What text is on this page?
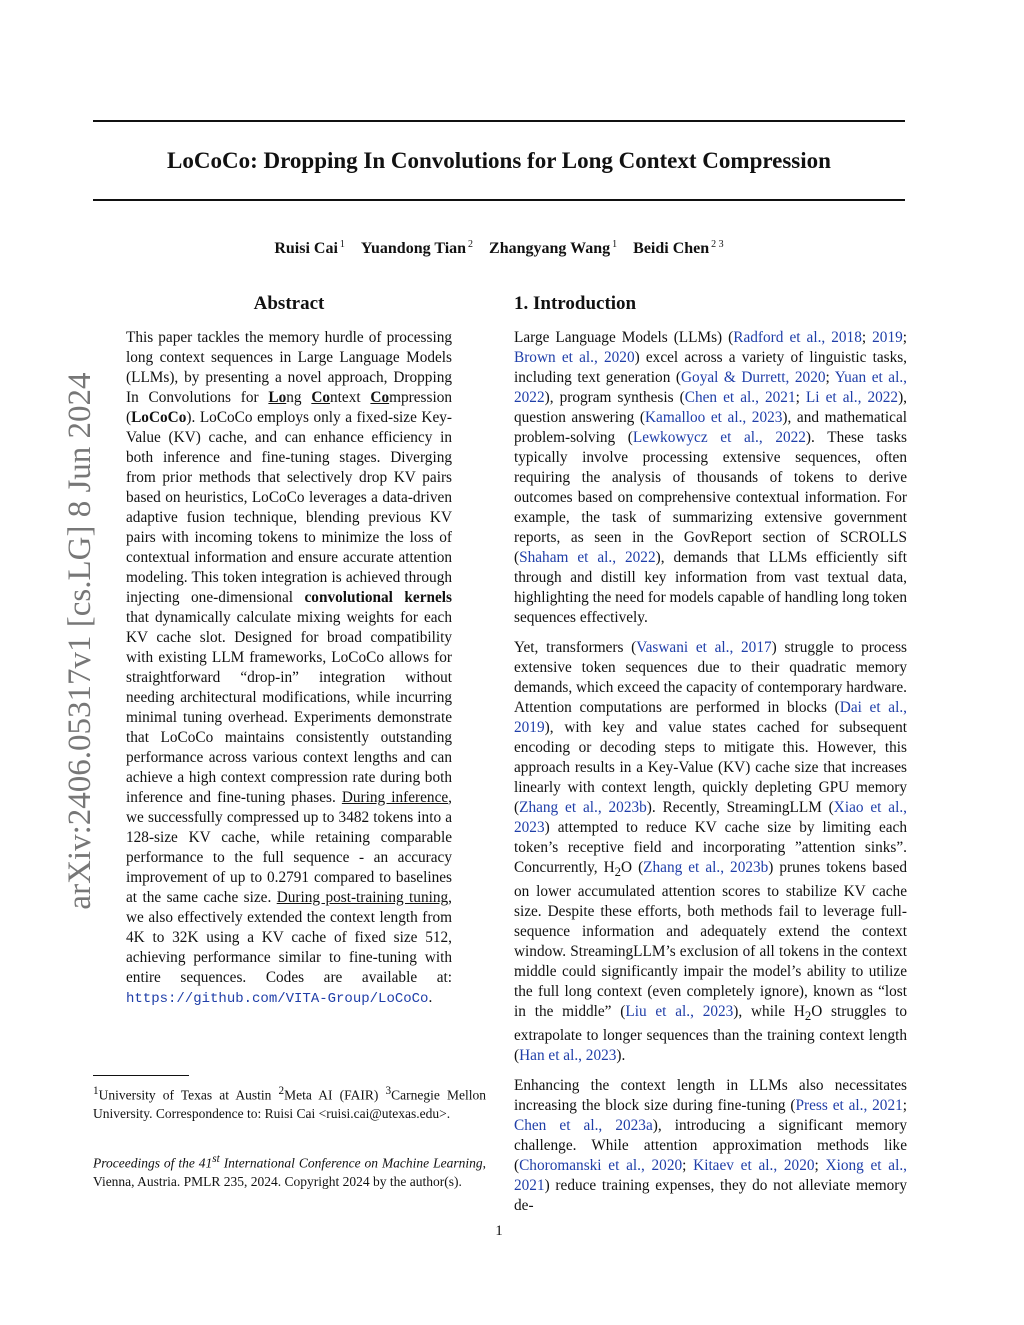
LoCoCo: Dropping In Convolutions for Long Context Compression
Ruisi Cai $^1$ Yuandong Tian $^2$ Zhangyang Wang $^1$ Beidi Chen $^{2 3}$
arXiv:2406.05317v1 [cs.LG] 8 Jun 2024
Abstract

This paper tackles the memory hurdle of processing long context sequences in Large Language Models (LLMs), by presenting a novel approach, Dropping In Convolutions for Long Context Compression (LoCoCo). LoCoCo employs only a fixed-size Key-Value (KV) cache, and can enhance efficiency in both inference and fine-tuning stages. Diverging from prior methods that selectively drop KV pairs based on heuristics, LoCoCo leverages a data-driven adaptive fusion technique, blending previous KV pairs with incoming tokens to minimize the loss of contextual information and ensure accurate attention modeling. This token integration is achieved through injecting one-dimensional convolutional kernels that dynamically calculate mixing weights for each KV cache slot. Designed for broad compatibility with existing LLM frameworks, LoCoCo allows for straightforward “drop-in” integration without needing architectural modifications, while incurring minimal tuning overhead. Experiments demonstrate that LoCoCo maintains consistently outstanding performance across various context lengths and can achieve a high context compression rate during both inference and fine-tuning phases. During inference, we successfully compressed up to 3482 tokens into a 128-size KV cache, while retaining comparable performance to the full sequence - an accuracy improvement of up to 0.2791 compared to baselines at the same cache size. During post-training tuning, we also effectively extended the context length from 4K to 32K using a KV cache of fixed size 512, achieving performance similar to fine-tuning with entire sequences. Codes are available at: https://github.com/VITA-Group/LoCoCo.

$^1$University of Texas at Austin $^2$Meta AI (FAIR) $^3$Carnegie Mellon University. Correspondence to: Ruisi Cai <ruisi.cai@utexas.edu>.
Proceedings of the 41st International Conference on Machine Learning, Vienna, Austria. PMLR 235, 2024. Copyright 2024 by the author(s).
1. Introduction

Large Language Models (LLMs) (Radford et al., 2018; 2019; Brown et al., 2020) excel across a variety of linguistic tasks, including text generation (Goyal & Durrett, 2020; Yuan et al., 2022), program synthesis (Chen et al., 2021; Li et al., 2022), question answering (Kamalloo et al., 2023), and mathematical problem-solving (Lewkowycz et al., 2022). These tasks typically involve processing extensive sequences, often requiring the analysis of thousands of tokens to derive outcomes based on comprehensive contextual information. For example, the task of summarizing extensive government reports, as seen in the GovReport section of SCROLLS (Shaham et al., 2022), demands that LLMs efficiently sift through and distill key information from vast textual data, highlighting the need for models capable of handling long token sequences effectively.

Yet, transformers (Vaswani et al., 2017) struggle to process extensive token sequences due to their quadratic memory demands, which exceed the capacity of contemporary hardware. Attention computations are performed in blocks (Dai et al., 2019), with key and value states cached for subsequent encoding or decoding steps to mitigate this. However, this approach results in a Key-Value (KV) cache size that increases linearly with context length, quickly depleting GPU memory (Zhang et al., 2023b). Recently, StreamingLLM (Xiao et al., 2023) attempted to reduce KV cache size by limiting each token’s receptive field and incorporating ”attention sinks”. Concurrently, $H_2O$ (Zhang et al., 2023b) prunes tokens based on lower accumulated attention scores to stabilize KV cache size. Despite these efforts, both methods fail to leverage full-sequence information and adequately extend the context window. StreamingLLM’s exclusion of all tokens in the context middle could significantly impair the model’s ability to utilize the full long context (even completely ignore), known as “lost in the middle” (Liu et al., 2023), while $H_2O$ struggles to extrapolate to longer sequences than the training context length (Han et al., 2023).

Enhancing the context length in LLMs also necessitates increasing the block size during fine-tuning (Press et al., 2021; Chen et al., 2023a), introducing a significant memory challenge. While attention approximation methods like (Choromanski et al., 2020; Kitaev et al., 2020; Xiong et al., 2021) reduce training expenses, they do not alleviate memory de-

1
